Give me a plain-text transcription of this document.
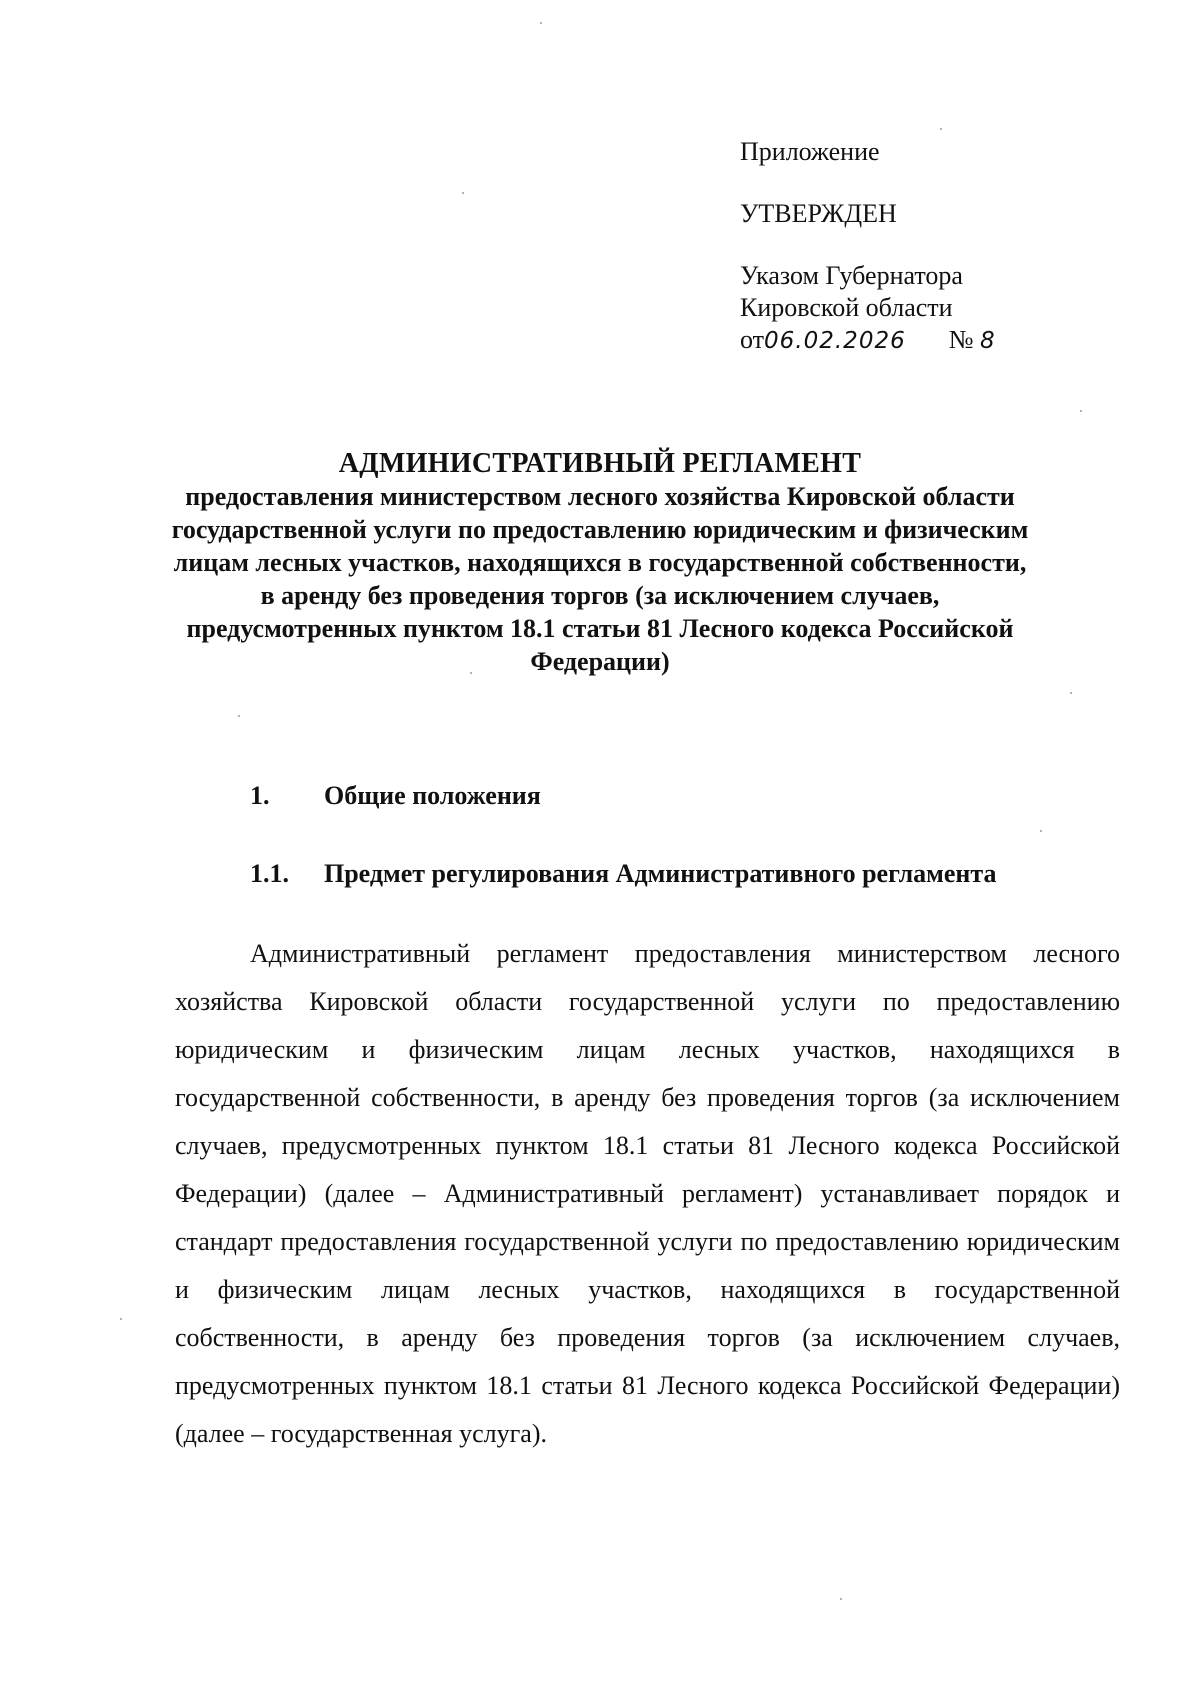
Приложение
УТВЕРЖДЕН
Указом Губернатора
Кировской области
от06.02.2026 № 8
АДМИНИСТРАТИВНЫЙ РЕГЛАМЕНТ
предоставления министерством лесного хозяйства Кировской области
государственной услуги по предоставлению юридическим и физическим
лицам лесных участков, находящихся в государственной собственности,
в аренду без проведения торгов (за исключением случаев,
предусмотренных пунктом 18.1 статьи 81 Лесного кодекса Российской
Федерации)
1. Общие положения
1.1. Предмет регулирования Административного регламента

Административный регламент предоставления министерством лесного хозяйства Кировской области государственной услуги по предоставлению юридическим и физическим лицам лесных участков, находящихся в государственной собственности, в аренду без проведения торгов (за исключением случаев, предусмотренных пунктом 18.1 статьи 81 Лесного кодекса Российской Федерации) (далее – Административный регламент) устанавливает порядок и стандарт предоставления государственной услуги по предоставлению юридическим и физическим лицам лесных участков, находящихся в государственной собственности, в аренду без проведения торгов (за исключением случаев, предусмотренных пунктом 18.1 статьи 81 Лесного кодекса Российской Федерации) (далее – государственная услуга).
